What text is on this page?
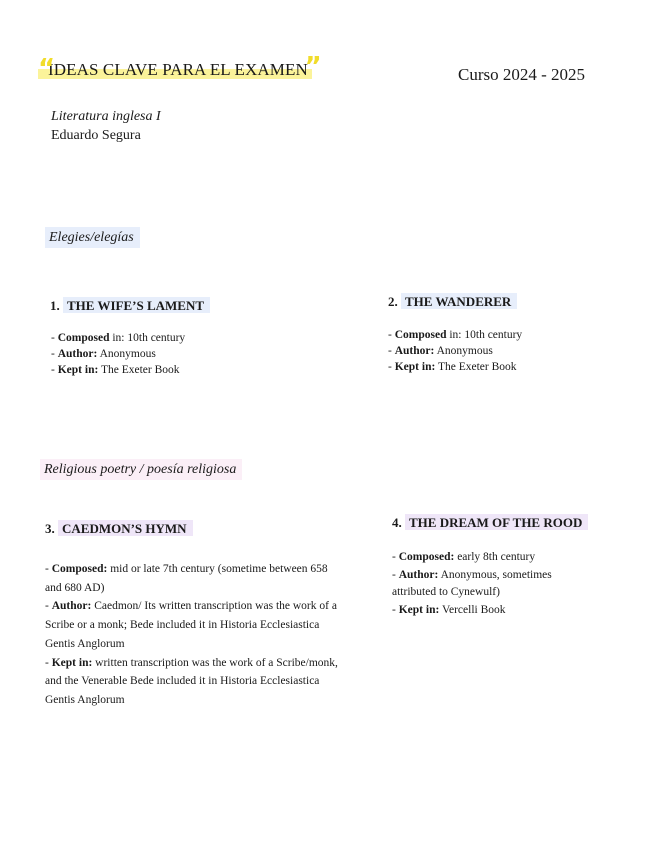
“
IDEAS CLAVE PARA EL EXAMEN
”	Curso 2024 - 2025
Literatura inglesa I
Eduardo Segura
Elegies/elegías
Religious poetry / poesía religiosa
1. THE WIFE’S LAMENT

- Composed in: 10th century

- Author: Anonymous

- Kept in: The Exeter Book

2. THE WANDERER

- Composed in: 10th century

- Author: Anonymous

- Kept in: The Exeter Book

3. CAEDMON’S HYMN

- Composed: mid or late 7th century (sometime between 658 and 680 AD)

- Author: Caedmon/ Its written transcription was the work of a Scribe or a monk; Bede included it in Historia Ecclesiastica Gentis Anglorum

- Kept in: written transcription was the work of a Scribe/monk, and the Venerable Bede included it in Historia Ecclesiastica Gentis Anglorum

4. THE DREAM OF THE ROOD

- Composed: early 8th century

- Author: Anonymous, sometimes attributed to Cynewulf)

- Kept in: Vercelli Book
